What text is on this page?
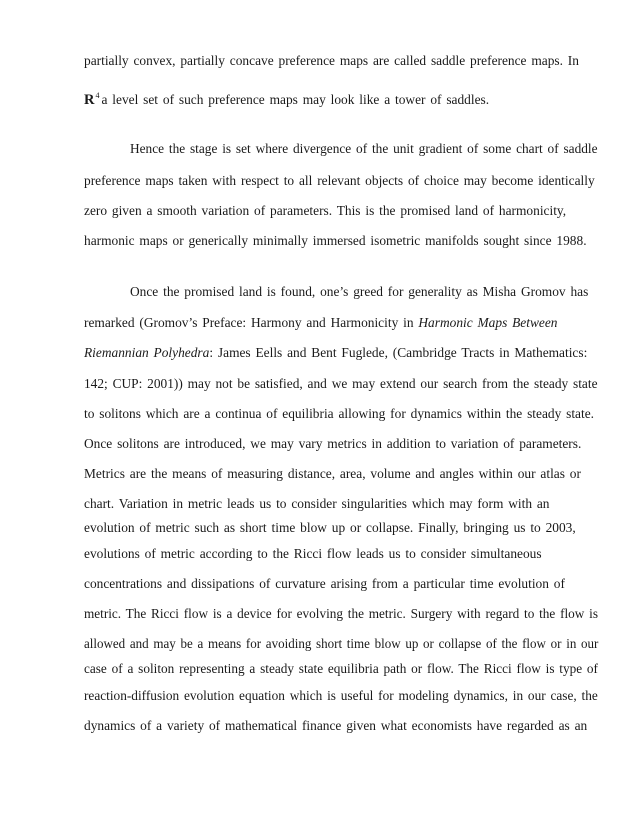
partially convex, partially concave preference maps are called saddle preference maps. In
$R^4$ a level set of such preference maps may look like a tower of saddles.
Hence the stage is set where divergence of the unit gradient of some chart of saddle
preference maps taken with respect to all relevant objects of choice may become identically
zero given a smooth variation of parameters. This is the promised land of harmonicity,
harmonic maps or generically minimally immersed isometric manifolds sought since 1988.
Once the promised land is found, one’s greed for generality as Misha Gromov has
remarked (Gromov’s Preface: Harmony and Harmonicity in Harmonic Maps Between
Riemannian Polyhedra: James Eells and Bent Fuglede, (Cambridge Tracts in Mathematics:
142; CUP: 2001)) may not be satisfied, and we may extend our search from the steady state
to solitons which are a continua of equilibria allowing for dynamics within the steady state.
Once solitons are introduced, we may vary metrics in addition to variation of parameters.
Metrics are the means of measuring distance, area, volume and angles within our atlas or
chart. Variation in metric leads us to consider singularities which may form with an
evolution of metric such as short time blow up or collapse. Finally, bringing us to 2003,
evolutions of metric according to the Ricci flow leads us to consider simultaneous
concentrations and dissipations of curvature arising from a particular time evolution of
metric. The Ricci flow is a device for evolving the metric. Surgery with regard to the flow is
allowed and may be a means for avoiding short time blow up or collapse of the flow or in our
case of a soliton representing a steady state equilibria path or flow. The Ricci flow is type of
reaction-diffusion evolution equation which is useful for modeling dynamics, in our case, the
dynamics of a variety of mathematical finance given what economists have regarded as an
